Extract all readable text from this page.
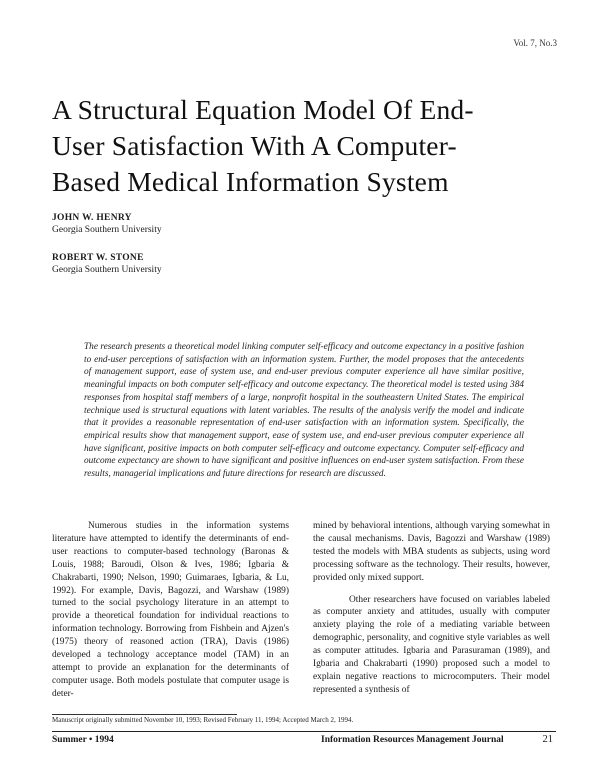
Vol. 7, No.3
A Structural Equation Model Of End-
User Satisfaction With A Computer-
Based Medical Information System
JOHN W. HENRY
Georgia Southern University
ROBERT W. STONE
Georgia Southern University

The research presents a theoretical model linking computer self-efficacy and outcome expectancy in a positive fashion to end-user perceptions of satisfaction with an information system. Further, the model proposes that the antecedents of management support, ease of system use, and end-user previous computer experience all have similar positive, meaningful impacts on both computer self-efficacy and outcome expectancy. The theoretical model is tested using 384 responses from hospital staff members of a large, nonprofit hospital in the southeastern United States. The empirical technique used is structural equations with latent variables. The results of the analysis verify the model and indicate that it provides a reasonable representation of end-user satisfaction with an information system. Specifically, the empirical results show that management support, ease of system use, and end-user previous computer experience all have significant, positive impacts on both computer self-efficacy and outcome expectancy. Computer self-efficacy and outcome expectancy are shown to have significant and positive influences on end-user system satisfaction. From these results, managerial implications and future directions for research are discussed.

Numerous studies in the information systems literature have attempted to identify the determinants of end-user reactions to computer-based technology (Baronas & Louis, 1988; Baroudi, Olson & Ives, 1986; Igbaria & Chakrabarti, 1990; Nelson, 1990; Guimaraes, Igbaria, & Lu, 1992). For example, Davis, Bagozzi, and Warshaw (1989) turned to the social psychology literature in an attempt to provide a theoretical foundation for individual reactions to information technology. Borrowing from Fishbein and Ajzen's (1975) theory of reasoned action (TRA), Davis (1986) developed a technology acceptance model (TAM) in an attempt to provide an explanation for the determinants of computer usage. Both models postulate that computer usage is deter-

mined by behavioral intentions, although varying somewhat in the causal mechanisms. Davis, Bagozzi and Warshaw (1989) tested the models with MBA students as subjects, using word processing software as the technology. Their results, however, provided only mixed support.

Other researchers have focused on variables labeled as computer anxiety and attitudes, usually with computer anxiety playing the role of a mediating variable between demographic, personality, and cognitive style variables as well as computer attitudes. Igbaria and Parasuraman (1989), and Igbaria and Chakrabarti (1990) proposed such a model to explain negative reactions to microcomputers. Their model represented a synthesis of

Manuscript originally submitted November 10, 1993; Revised February 11, 1994; Accepted March 2, 1994.
Summer • 1994	Information Resources Management Journal	21
